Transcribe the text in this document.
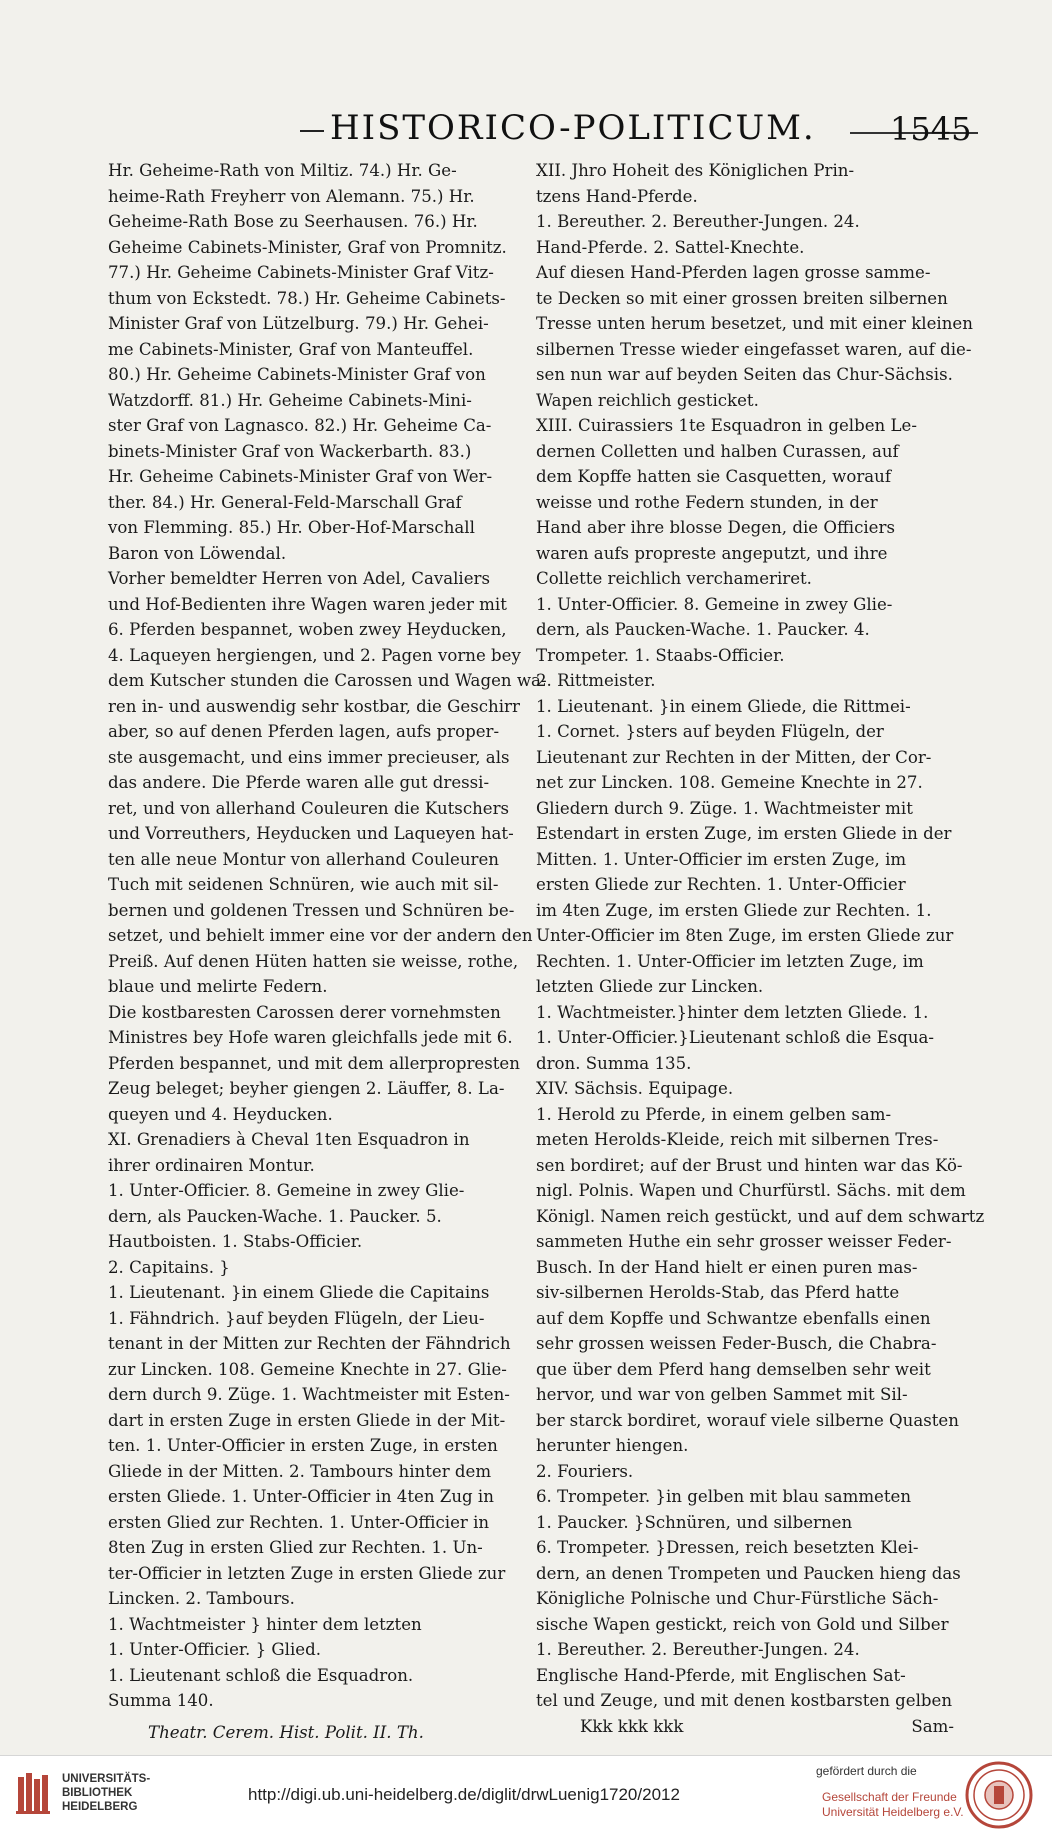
HISTORICO-POLITICUM. 1545

Hr. Geheime-Rath von Miltiz. 74.) Hr. Ge-

heime-Rath Freyherr von Alemann. 75.) Hr.

Geheime-Rath Bose zu Seerhausen. 76.) Hr.

Geheime Cabinets-Minister, Graf von Promnitz.

77.) Hr. Geheime Cabinets-Minister Graf Vitz-

thum von Eckstedt. 78.) Hr. Geheime Cabinets-

Minister Graf von Lützelburg. 79.) Hr. Gehei-

me Cabinets-Minister, Graf von Manteuffel.

80.) Hr. Geheime Cabinets-Minister Graf von

Watzdorff. 81.) Hr. Geheime Cabinets-Mini-

ster Graf von Lagnasco. 82.) Hr. Geheime Ca-

binets-Minister Graf von Wackerbarth. 83.)

Hr. Geheime Cabinets-Minister Graf von Wer-

ther. 84.) Hr. General-Feld-Marschall Graf

von Flemming. 85.) Hr. Ober-Hof-Marschall

Baron von Löwendal.

Vorher bemeldter Herren von Adel, Cavaliers

und Hof-Bedienten ihre Wagen waren jeder mit

6. Pferden bespannet, woben zwey Heyducken,

4. Laqueyen hergiengen, und 2. Pagen vorne bey

dem Kutscher stunden die Carossen und Wagen wa-

ren in- und auswendig sehr kostbar, die Geschirr

aber, so auf denen Pferden lagen, aufs proper-

ste ausgemacht, und eins immer precieuser, als

das andere. Die Pferde waren alle gut dressi-

ret, und von allerhand Couleuren die Kutschers

und Vorreuthers, Heyducken und Laqueyen hat-

ten alle neue Montur von allerhand Couleuren

Tuch mit seidenen Schnüren, wie auch mit sil-

bernen und goldenen Tressen und Schnüren be-

setzet, und behielt immer eine vor der andern den

Preiß. Auf denen Hüten hatten sie weisse, rothe,

blaue und melirte Federn.

Die kostbaresten Carossen derer vornehmsten

Ministres bey Hofe waren gleichfalls jede mit 6.

Pferden bespannet, und mit dem allerpropresten

Zeug beleget; beyher giengen 2. Läuffer, 8. La-

queyen und 4. Heyducken.

XI. Grenadiers à Cheval 1ten Esquadron in

ihrer ordinairen Montur.

1. Unter-Officier. 8. Gemeine in zwey Glie-

dern, als Paucken-Wache. 1. Paucker. 5.

Hautboisten. 1. Stabs-Officier.

2. Capitains. }

1. Lieutenant. }in einem Gliede die Capitains

1. Fähndrich. }auf beyden Flügeln, der Lieu-

tenant in der Mitten zur Rechten der Fähndrich

zur Lincken. 108. Gemeine Knechte in 27. Glie-

dern durch 9. Züge. 1. Wachtmeister mit Esten-

dart in ersten Zuge in ersten Gliede in der Mit-

ten. 1. Unter-Officier in ersten Zuge, in ersten

Gliede in der Mitten. 2. Tambours hinter dem

ersten Gliede. 1. Unter-Officier in 4ten Zug in

ersten Glied zur Rechten. 1. Unter-Officier in

8ten Zug in ersten Glied zur Rechten. 1. Un-

ter-Officier in letzten Zuge in ersten Gliede zur

Lincken. 2. Tambours.

1. Wachtmeister } hinter dem letzten

1. Unter-Officier. } Glied.

1. Lieutenant schloß die Esquadron.

Summa 140.

Theatr. Cerem. Hist. Polit. II. Th.

XII. Jhro Hoheit des Königlichen Prin-

tzens Hand-Pferde.

1. Bereuther. 2. Bereuther-Jungen. 24.

Hand-Pferde. 2. Sattel-Knechte.

Auf diesen Hand-Pferden lagen grosse samme-

te Decken so mit einer grossen breiten silbernen

Tresse unten herum besetzet, und mit einer kleinen

silbernen Tresse wieder eingefasset waren, auf die-

sen nun war auf beyden Seiten das Chur-Sächsis.

Wapen reichlich gesticket.

XIII. Cuirassiers 1te Esquadron in gelben Le-

dernen Colletten und halben Curassen, auf

dem Kopffe hatten sie Casquetten, worauf

weisse und rothe Federn stunden, in der

Hand aber ihre blosse Degen, die Officiers

waren aufs propreste angeputzt, und ihre

Collette reichlich verchameriret.

1. Unter-Officier. 8. Gemeine in zwey Glie-

dern, als Paucken-Wache. 1. Paucker. 4.

Trompeter. 1. Staabs-Officier.

2. Rittmeister.

1. Lieutenant. }in einem Gliede, die Rittmei-

1. Cornet. }sters auf beyden Flügeln, der

Lieutenant zur Rechten in der Mitten, der Cor-

net zur Lincken. 108. Gemeine Knechte in 27.

Gliedern durch 9. Züge. 1. Wachtmeister mit

Estendart in ersten Zuge, im ersten Gliede in der

Mitten. 1. Unter-Officier im ersten Zuge, im

ersten Gliede zur Rechten. 1. Unter-Officier

im 4ten Zuge, im ersten Gliede zur Rechten. 1.

Unter-Officier im 8ten Zuge, im ersten Gliede zur

Rechten. 1. Unter-Officier im letzten Zuge, im

letzten Gliede zur Lincken.

1. Wachtmeister.}hinter dem letzten Gliede. 1.

1. Unter-Officier.}Lieutenant schloß die Esqua-

dron. Summa 135.

XIV. Sächsis. Equipage.

1. Herold zu Pferde, in einem gelben sam-

meten Herolds-Kleide, reich mit silbernen Tres-

sen bordiret; auf der Brust und hinten war das Kö-

nigl. Polnis. Wapen und Churfürstl. Sächs. mit dem

Königl. Namen reich gestückt, und auf dem schwartz

sammeten Huthe ein sehr grosser weisser Feder-

Busch. In der Hand hielt er einen puren mas-

siv-silbernen Herolds-Stab, das Pferd hatte

auf dem Kopffe und Schwantze ebenfalls einen

sehr grossen weissen Feder-Busch, die Chabra-

que über dem Pferd hang demselben sehr weit

hervor, und war von gelben Sammet mit Sil-

ber starck bordiret, worauf viele silberne Quasten

herunter hiengen.

2. Fouriers.

6. Trompeter. }in gelben mit blau sammeten

1. Paucker. }Schnüren, und silbernen

6. Trompeter. }Dressen, reich besetzten Klei-

dern, an denen Trompeten und Paucken hieng das

Königliche Polnische und Chur-Fürstliche Säch-

sische Wapen gestickt, reich von Gold und Silber

1. Bereuther. 2. Bereuther-Jungen. 24.

Englische Hand-Pferde, mit Englischen Sat-

tel und Zeuge, und mit denen kostbarsten gelben

Kkk kkk kkk	Sam-

UNIVERSITÄTS-
BIBLIOTHEK
HEIDELBERG
http://digi.ub.uni-heidelberg.de/diglit/drwLuenig1720/2012
gefördert durch die
Gesellschaft der Freunde
Universität Heidelberg e.V.
